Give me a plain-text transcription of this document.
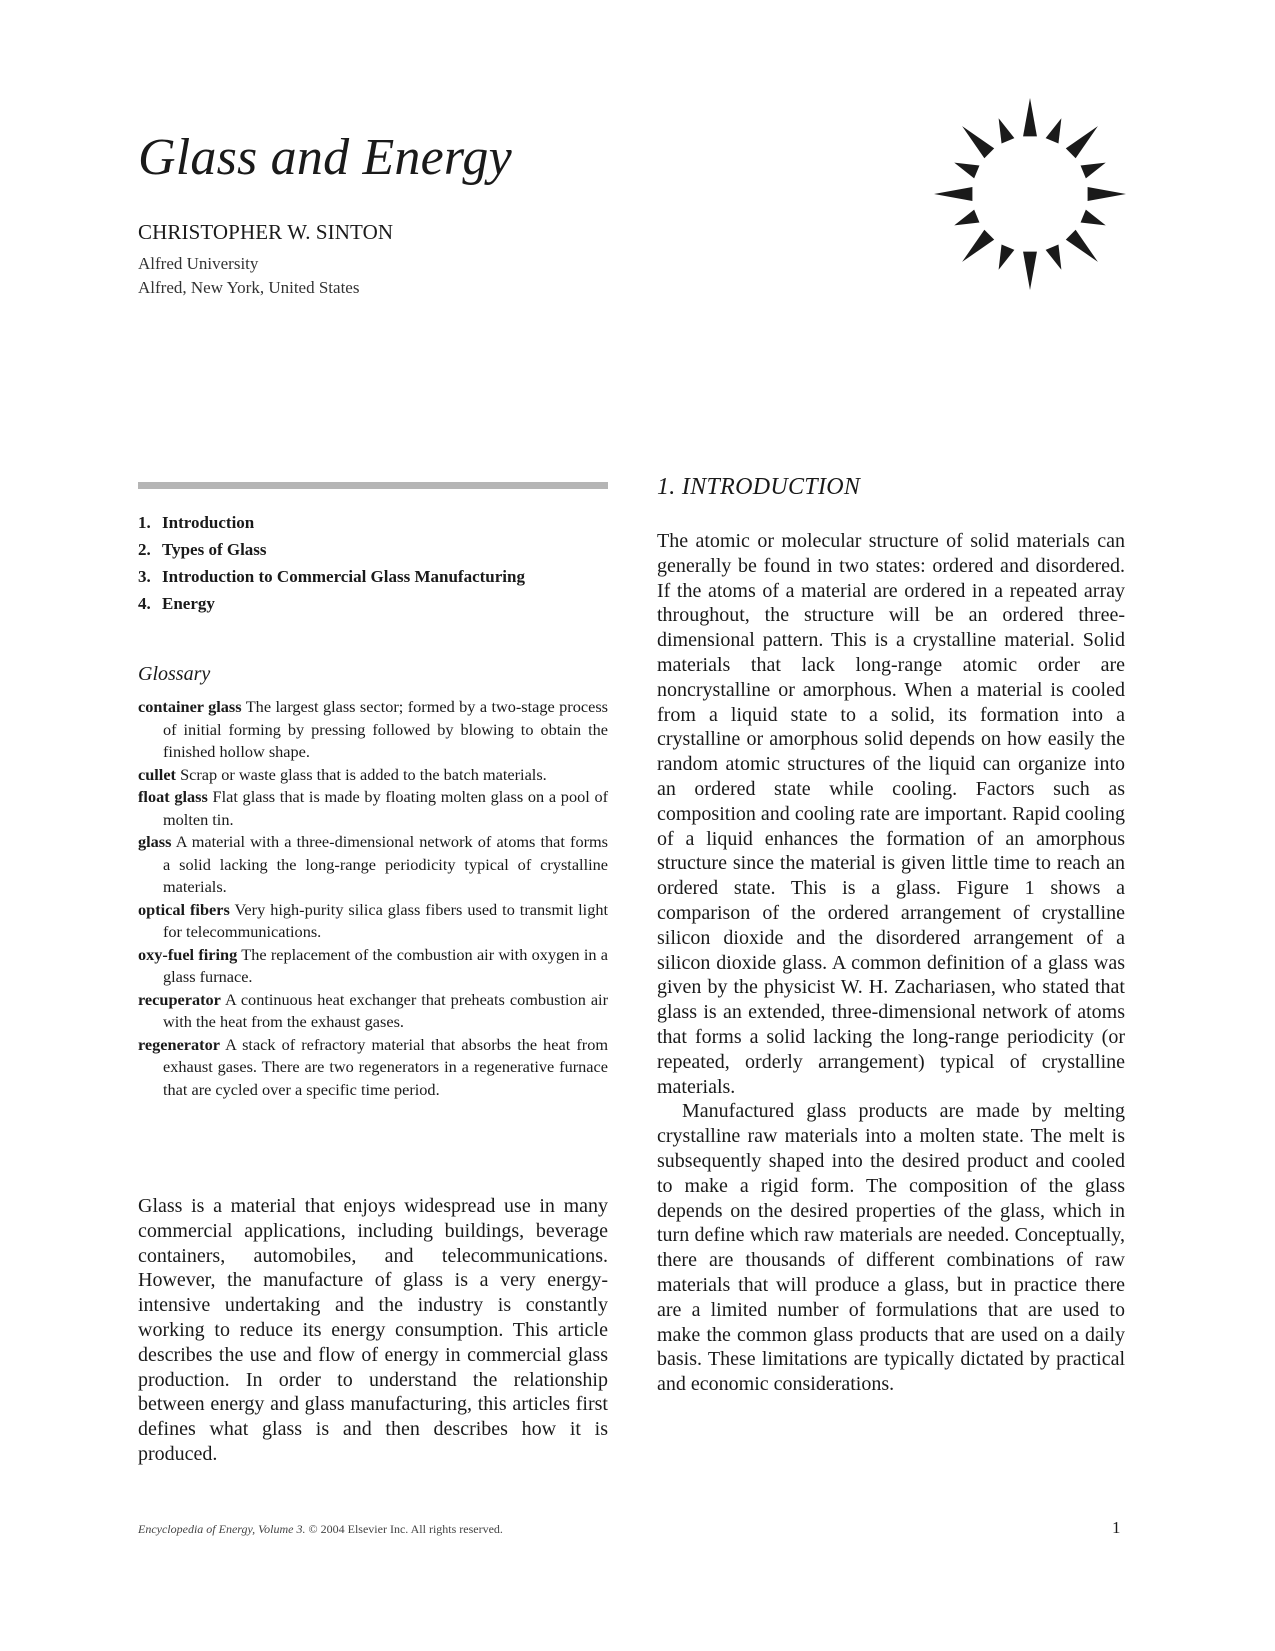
Glass and Energy
CHRISTOPHER W. SINTON
Alfred University
Alfred, New York, United States
1. Introduction
2. Types of Glass
3. Introduction to Commercial Glass Manufacturing
4. Energy
Glossary
container glass The largest glass sector; formed by a two-stage process of initial forming by pressing followed by blowing to obtain the finished hollow shape.
cullet Scrap or waste glass that is added to the batch materials.
float glass Flat glass that is made by floating molten glass on a pool of molten tin.
glass A material with a three-dimensional network of atoms that forms a solid lacking the long-range periodicity typical of crystalline materials.
optical fibers Very high-purity silica glass fibers used to transmit light for telecommunications.
oxy-fuel firing The replacement of the combustion air with oxygen in a glass furnace.
recuperator A continuous heat exchanger that preheats combustion air with the heat from the exhaust gases.
regenerator A stack of refractory material that absorbs the heat from exhaust gases. There are two regenerators in a regenerative furnace that are cycled over a specific time period.
Glass is a material that enjoys widespread use in many commercial applications, including buildings, beverage containers, automobiles, and telecommunications. However, the manufacture of glass is a very energy-intensive undertaking and the industry is constantly working to reduce its energy consumption. This article describes the use and flow of energy in commercial glass production. In order to understand the relationship between energy and glass manufacturing, this articles first defines what glass is and then describes how it is produced.
1. INTRODUCTION

The atomic or molecular structure of solid materials can generally be found in two states: ordered and disordered. If the atoms of a material are ordered in a repeated array throughout, the structure will be an ordered three-dimensional pattern. This is a crystalline material. Solid materials that lack long-range atomic order are noncrystalline or amorphous. When a material is cooled from a liquid state to a solid, its formation into a crystalline or amorphous solid depends on how easily the random atomic structures of the liquid can organize into an ordered state while cooling. Factors such as composition and cooling rate are important. Rapid cooling of a liquid enhances the formation of an amorphous structure since the material is given little time to reach an ordered state. This is a glass. Figure 1 shows a comparison of the ordered arrangement of crystalline silicon dioxide and the disordered arrangement of a silicon dioxide glass. A common definition of a glass was given by the physicist W. H. Zachariasen, who stated that glass is an extended, three-dimensional network of atoms that forms a solid lacking the long-range periodicity (or repeated, orderly arrangement) typical of crystalline materials.

Manufactured glass products are made by melting crystalline raw materials into a molten state. The melt is subsequently shaped into the desired product and cooled to make a rigid form. The composition of the glass depends on the desired properties of the glass, which in turn define which raw materials are needed. Conceptually, there are thousands of different combinations of raw materials that will produce a glass, but in practice there are a limited number of formulations that are used to make the common glass products that are used on a daily basis. These limitations are typically dictated by practical and economic considerations.

Encyclopedia of Energy, Volume 3. © 2004 Elsevier Inc. All rights reserved.	1
